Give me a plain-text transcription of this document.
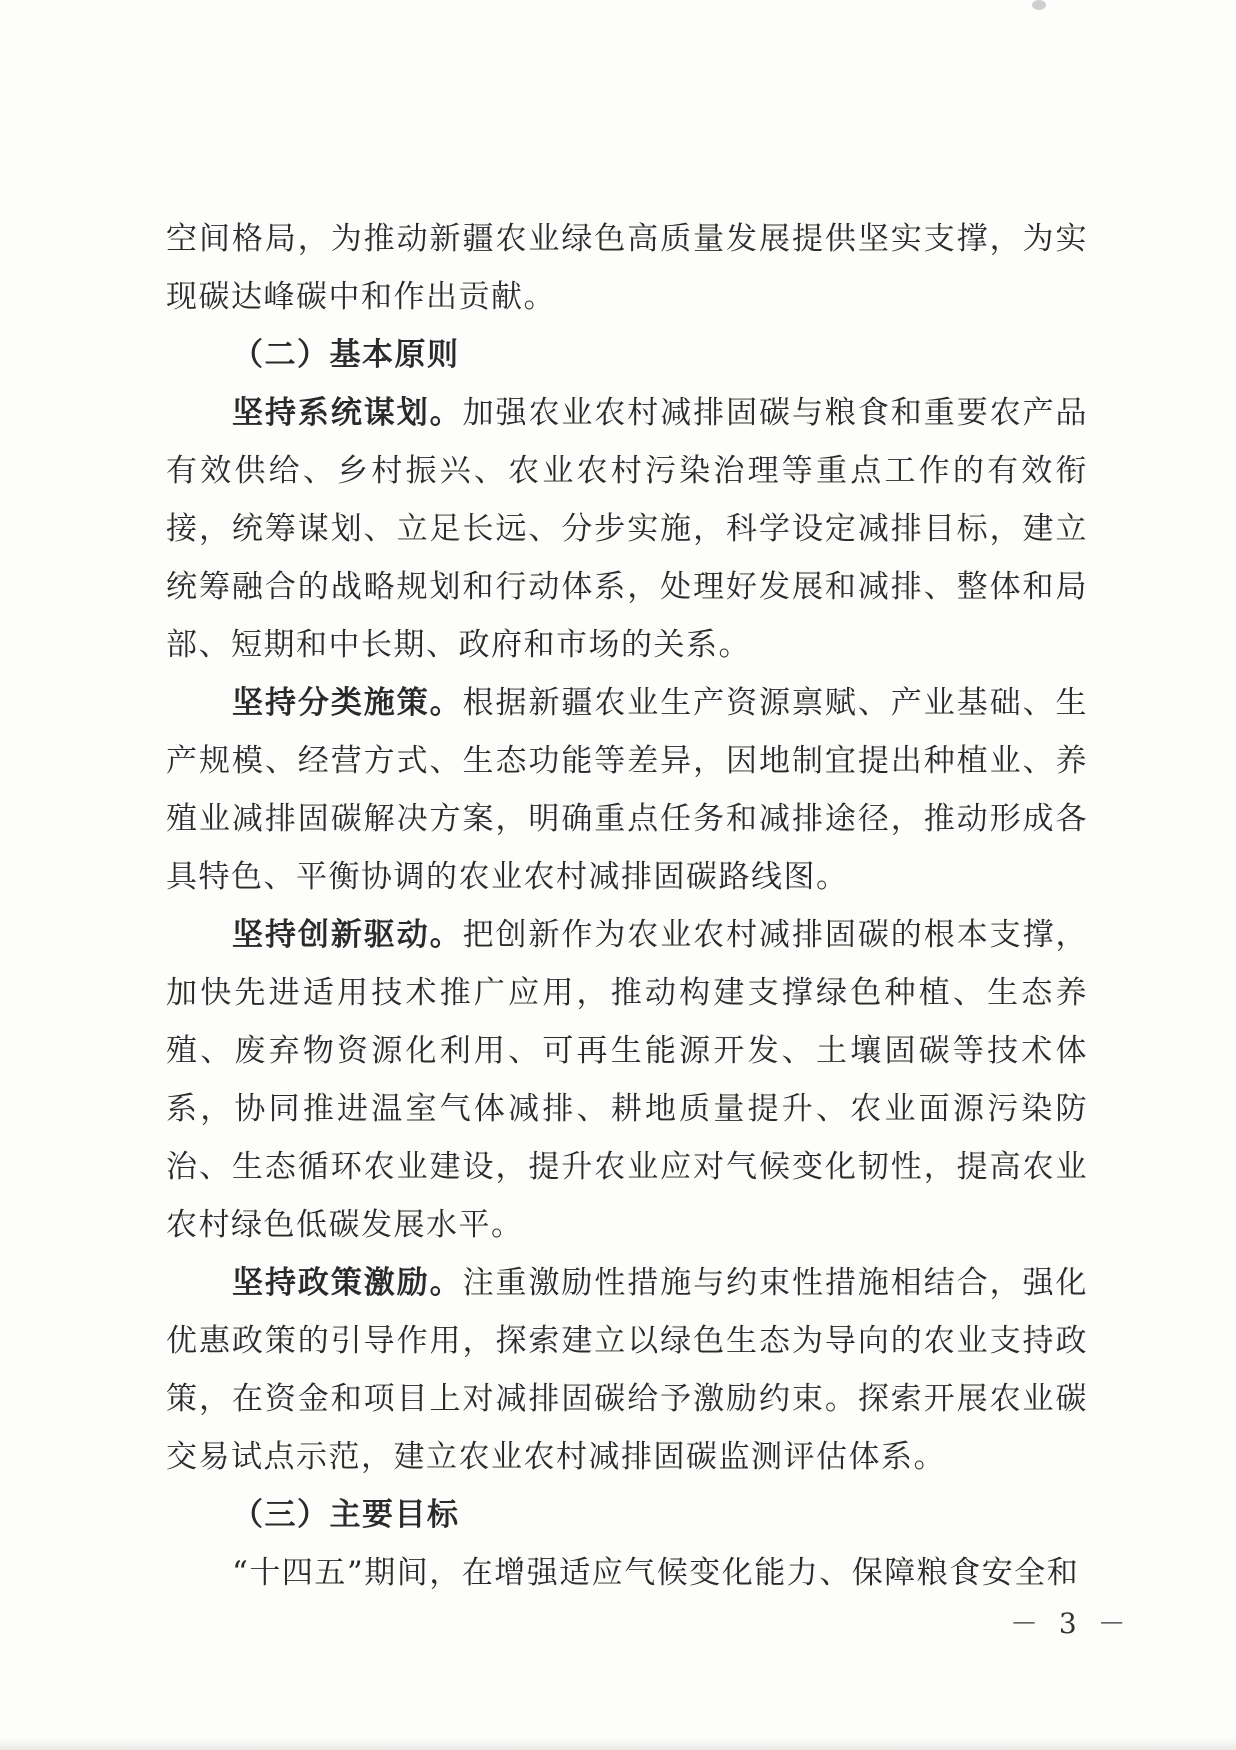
空间格局，为推动新疆农业绿色高质量发展提供坚实支撑，为实现碳达峰碳中和作出贡献。

（二）基本原则

坚持系统谋划。加强农业农村减排固碳与粮食和重要农产品有效供给、乡村振兴、农业农村污染治理等重点工作的有效衔接，统筹谋划、立足长远、分步实施，科学设定减排目标，建立统筹融合的战略规划和行动体系，处理好发展和减排、整体和局部、短期和中长期、政府和市场的关系。

坚持分类施策。根据新疆农业生产资源禀赋、产业基础、生产规模、经营方式、生态功能等差异，因地制宜提出种植业、养殖业减排固碳解决方案，明确重点任务和减排途径，推动形成各具特色、平衡协调的农业农村减排固碳路线图。

坚持创新驱动。把创新作为农业农村减排固碳的根本支撑，加快先进适用技术推广应用，推动构建支撑绿色种植、生态养殖、废弃物资源化利用、可再生能源开发、土壤固碳等技术体系，协同推进温室气体减排、耕地质量提升、农业面源污染防治、生态循环农业建设，提升农业应对气候变化韧性，提高农业农村绿色低碳发展水平。

坚持政策激励。注重激励性措施与约束性措施相结合，强化优惠政策的引导作用，探索建立以绿色生态为导向的农业支持政策，在资金和项目上对减排固碳给予激励约束。探索开展农业碳交易试点示范，建立农业农村减排固碳监测评估体系。

（三）主要目标

“十四五”期间，在增强适应气候变化能力、保障粮食安全和

－ 3 －
